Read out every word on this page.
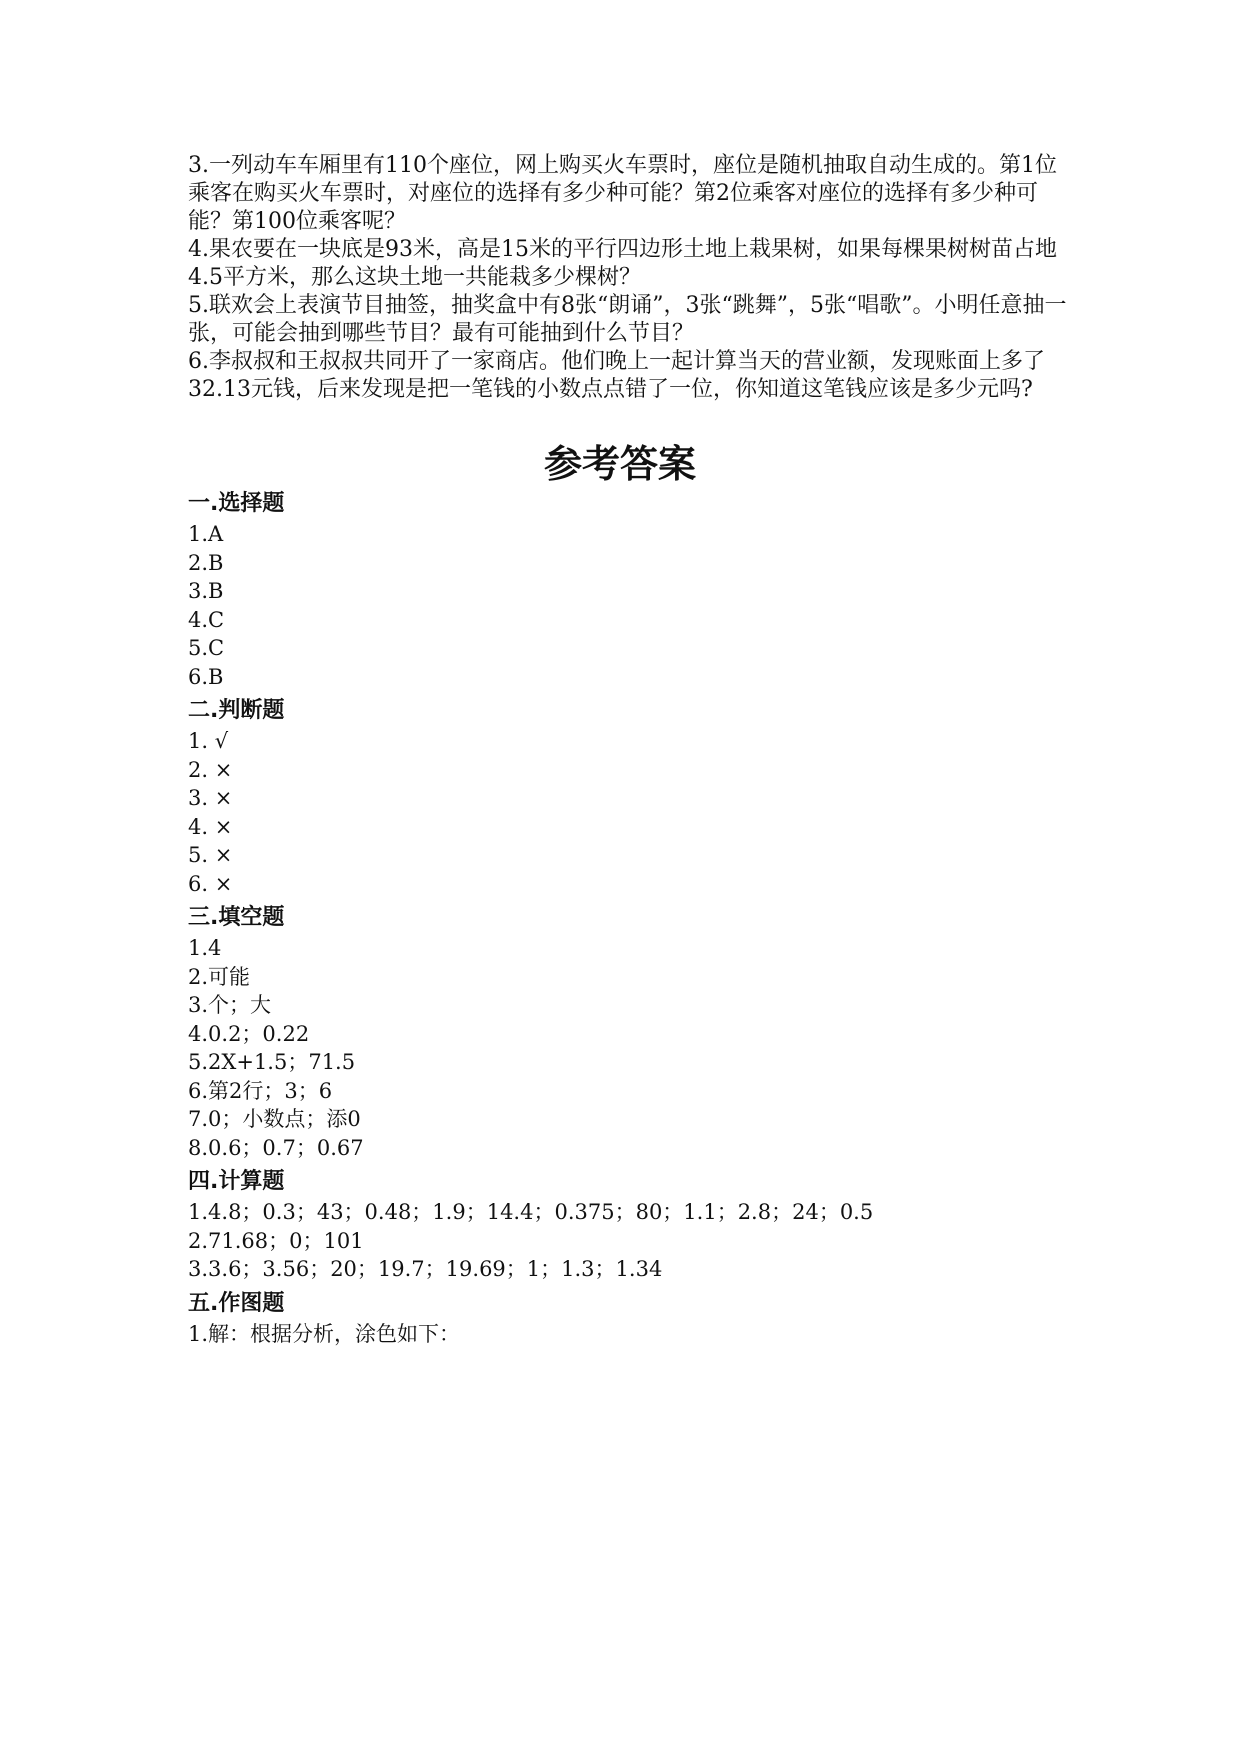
3.一列动车车厢里有110个座位，网上购买火车票时，座位是随机抽取自动生成的。第1位乘客在购买火车票时，对座位的选择有多少种可能？第2位乘客对座位的选择有多少种可能？第100位乘客呢？

4.果农要在一块底是93米，高是15米的平行四边形土地上栽果树，如果每棵果树树苗占地4.5平方米，那么这块土地一共能栽多少棵树？

5.联欢会上表演节目抽签，抽奖盒中有8张“朗诵”，3张“跳舞”，5张“唱歌”。小明任意抽一张，可能会抽到哪些节目？最有可能抽到什么节目？

6.李叔叔和王叔叔共同开了一家商店。他们晚上一起计算当天的营业额，发现账面上多了32.13元钱，后来发现是把一笔钱的小数点点错了一位，你知道这笔钱应该是多少元吗?

参考答案

一.选择题

1.A

2.B

3.B

4.C

5.C

6.B

二.判断题

1. √

2. ×

3. ×

4. ×

5. ×

6. ×

三.填空题

1.4

2.可能

3.个；大

4.0.2；0.22

5.2X+1.5；71.5

6.第2行；3；6

7.0；小数点；添0

8.0.6；0.7；0.67

四.计算题

1.4.8；0.3；43；0.48；1.9；14.4；0.375；80；1.1；2.8；24；0.5

2.71.68；0；101

3.3.6；3.56；20；19.7；19.69；1；1.3；1.34

五.作图题

1.解：根据分析，涂色如下：
